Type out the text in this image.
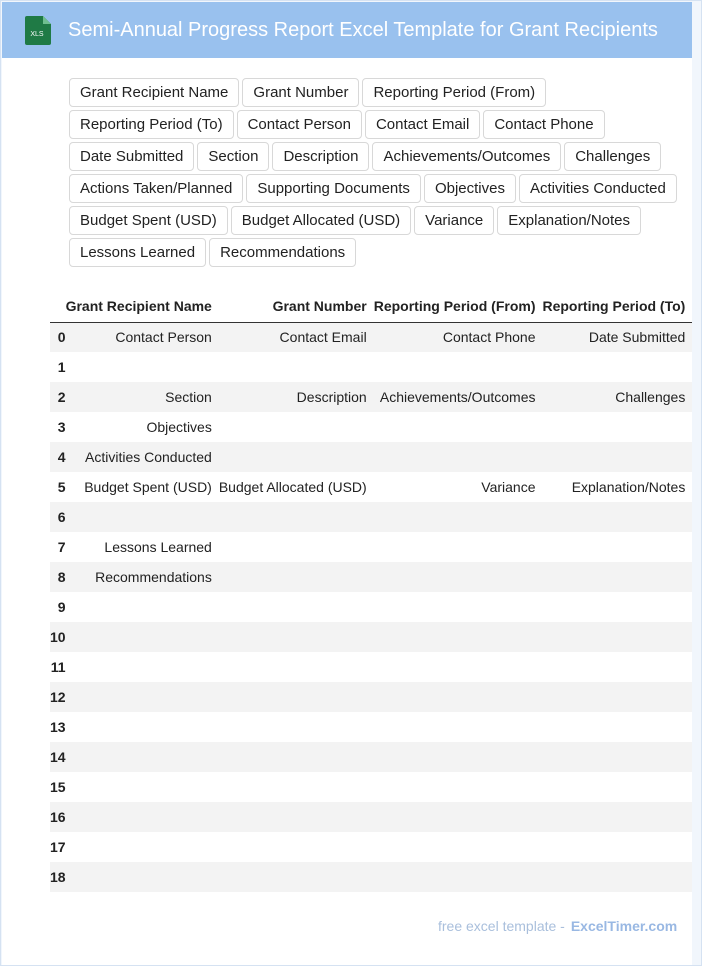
XLS Semi-Annual Progress Report Excel Template for Grant Recipients
Grant Recipient Name	Grant Number	Reporting Period (From)
Reporting Period (To)	Contact Person	Contact Email	Contact Phone
Date Submitted	Section	Description	Achievements/Outcomes	Challenges
Actions Taken/Planned	Supporting Documents	Objectives	Activities Conducted
Budget Spent (USD)	Budget Allocated (USD)	Variance	Explanation/Notes
Lessons Learned	Recommendations
	Grant Recipient Name	Grant Number	Reporting Period (From)	Reporting Period (To)
0	Contact Person	Contact Email	Contact Phone	Date Submitted
1				
2	Section	Description	Achievements/Outcomes	Challenges
3	Objectives			
4	Activities Conducted			
5	Budget Spent (USD)	Budget Allocated (USD)	Variance	Explanation/Notes
6				
7	Lessons Learned			
8	Recommendations			
9				
10				
11				
12				
13				
14				
15				
16				
17				
18				
free excel template - ExcelTimer.com
